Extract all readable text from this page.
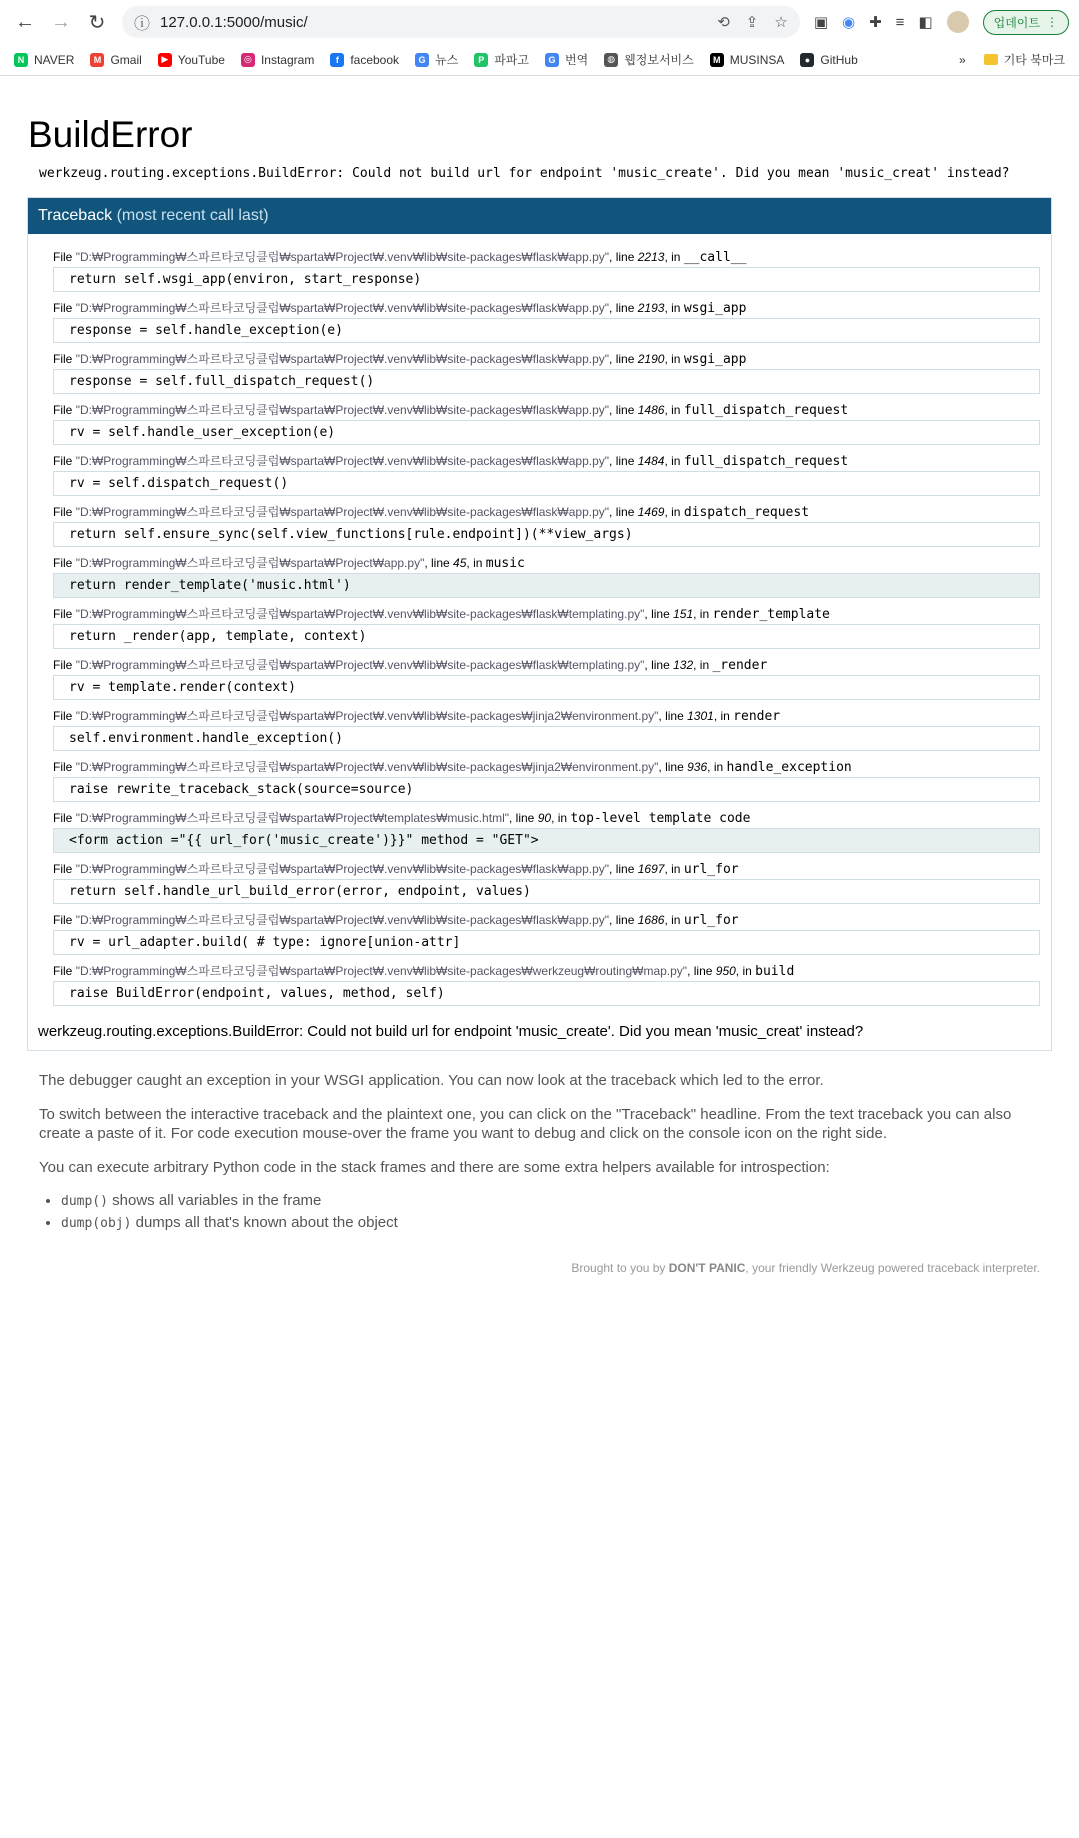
← → ↻	ⓘ 127.0.0.1:5000/music/	⟲ ⇪ ☆ ▣ ◉ ✚ ≡ ◧	업데이트 ⋮
N NAVER	M Gmail	▶ YouTube	◎ Instagram	f facebook	G 뉴스	P 파파고	G 번역	◍ 웹정보서비스	M MUSINSA	● GitHub	»	기타 북마크
BuildError
werkzeug.routing.exceptions.BuildError: Could not build url for endpoint 'music_create'. Did you mean 'music_creat' instead?
Traceback (most recent call last)
File "D:₩Programming₩스파르타코딩클럽₩sparta₩Project₩.venv₩lib₩site-packages₩flask₩app.py", line 2213, in __call__
return self.wsgi_app(environ, start_response)
File "D:₩Programming₩스파르타코딩클럽₩sparta₩Project₩.venv₩lib₩site-packages₩flask₩app.py", line 2193, in wsgi_app
response = self.handle_exception(e)
File "D:₩Programming₩스파르타코딩클럽₩sparta₩Project₩.venv₩lib₩site-packages₩flask₩app.py", line 2190, in wsgi_app
response = self.full_dispatch_request()
File "D:₩Programming₩스파르타코딩클럽₩sparta₩Project₩.venv₩lib₩site-packages₩flask₩app.py", line 1486, in full_dispatch_request
rv = self.handle_user_exception(e)
File "D:₩Programming₩스파르타코딩클럽₩sparta₩Project₩.venv₩lib₩site-packages₩flask₩app.py", line 1484, in full_dispatch_request
rv = self.dispatch_request()
File "D:₩Programming₩스파르타코딩클럽₩sparta₩Project₩.venv₩lib₩site-packages₩flask₩app.py", line 1469, in dispatch_request
return self.ensure_sync(self.view_functions[rule.endpoint])(**view_args)
File "D:₩Programming₩스파르타코딩클럽₩sparta₩Project₩app.py", line 45, in music
return render_template('music.html')
File "D:₩Programming₩스파르타코딩클럽₩sparta₩Project₩.venv₩lib₩site-packages₩flask₩templating.py", line 151, in render_template
return _render(app, template, context)
File "D:₩Programming₩스파르타코딩클럽₩sparta₩Project₩.venv₩lib₩site-packages₩flask₩templating.py", line 132, in _render
rv = template.render(context)
File "D:₩Programming₩스파르타코딩클럽₩sparta₩Project₩.venv₩lib₩site-packages₩jinja2₩environment.py", line 1301, in render
self.environment.handle_exception()
File "D:₩Programming₩스파르타코딩클럽₩sparta₩Project₩.venv₩lib₩site-packages₩jinja2₩environment.py", line 936, in handle_exception
raise rewrite_traceback_stack(source=source)
File "D:₩Programming₩스파르타코딩클럽₩sparta₩Project₩templates₩music.html", line 90, in top-level template code
<form action ="{{ url_for('music_create')}}" method = "GET">
File "D:₩Programming₩스파르타코딩클럽₩sparta₩Project₩.venv₩lib₩site-packages₩flask₩app.py", line 1697, in url_for
return self.handle_url_build_error(error, endpoint, values)
File "D:₩Programming₩스파르타코딩클럽₩sparta₩Project₩.venv₩lib₩site-packages₩flask₩app.py", line 1686, in url_for
rv = url_adapter.build( # type: ignore[union-attr]
File "D:₩Programming₩스파르타코딩클럽₩sparta₩Project₩.venv₩lib₩site-packages₩werkzeug₩routing₩map.py", line 950, in build
raise BuildError(endpoint, values, method, self)
werkzeug.routing.exceptions.BuildError: Could not build url for endpoint 'music_create'. Did you mean 'music_creat' instead?

The debugger caught an exception in your WSGI application. You can now look at the traceback which led to the error.

To switch between the interactive traceback and the plaintext one, you can click on the "Traceback" headline. From the text traceback you can also create a paste of it. For code execution mouse-over the frame you want to debug and click on the console icon on the right side.

You can execute arbitrary Python code in the stack frames and there are some extra helpers available for introspection:

• dump() shows all variables in the frame
• dump(obj) dumps all that's known about the object
Brought to you by DON'T PANIC, your friendly Werkzeug powered traceback interpreter.
